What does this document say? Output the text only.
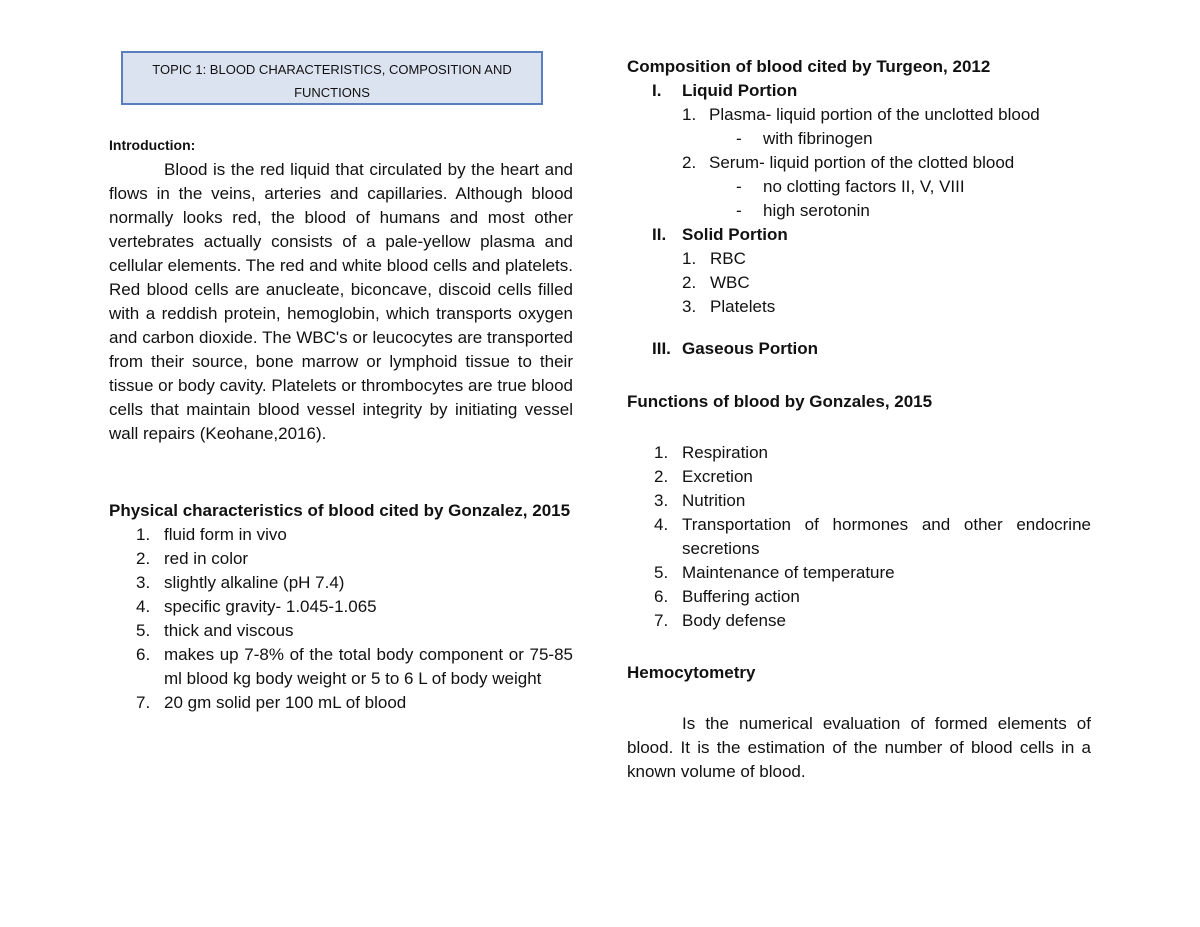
TOPIC 1: BLOOD CHARACTERISTICS, COMPOSITION AND
FUNCTIONS
Introduction:

Blood is the red liquid that circulated by the heart and flows in the veins, arteries and capillaries. Although blood normally looks red, the blood of humans and most other vertebrates actually consists of a pale-yellow plasma and cellular elements. The red and white blood cells and platelets. Red blood cells are anucleate, biconcave, discoid cells filled with a reddish protein, hemoglobin, which transports oxygen and carbon dioxide. The WBC's or leucocytes are transported from their source, bone marrow or lymphoid tissue to their tissue or body cavity. Platelets or thrombocytes are true blood cells that maintain blood vessel integrity by initiating vessel wall repairs (Keohane,2016).

Physical characteristics of blood cited by Gonzalez, 2015

1. fluid form in vivo
2. red in color
3. slightly alkaline (pH 7.4)
4. specific gravity- 1.045-1.065
5. thick and viscous
6. makes up 7-8% of the total body component or 75-85 ml blood kg body weight or 5 to 6 L of body weight
7. 20 gm solid per 100 mL of blood

Composition of blood cited by Turgeon, 2012

I. Liquid Portion
1. Plasma- liquid portion of the unclotted blood
- with fibrinogen
2. Serum- liquid portion of the clotted blood
- no clotting factors II, V, VIII
- high serotonin
II. Solid Portion
1. RBC
2. WBC
3. Platelets
III. Gaseous Portion

Functions of blood by Gonzales, 2015

1. Respiration
2. Excretion
3. Nutrition
4. Transportation of hormones and other endocrine secretions
5. Maintenance of temperature
6. Buffering action
7. Body defense

Hemocytometry

Is the numerical evaluation of formed elements of blood. It is the estimation of the number of blood cells in a known volume of blood.
